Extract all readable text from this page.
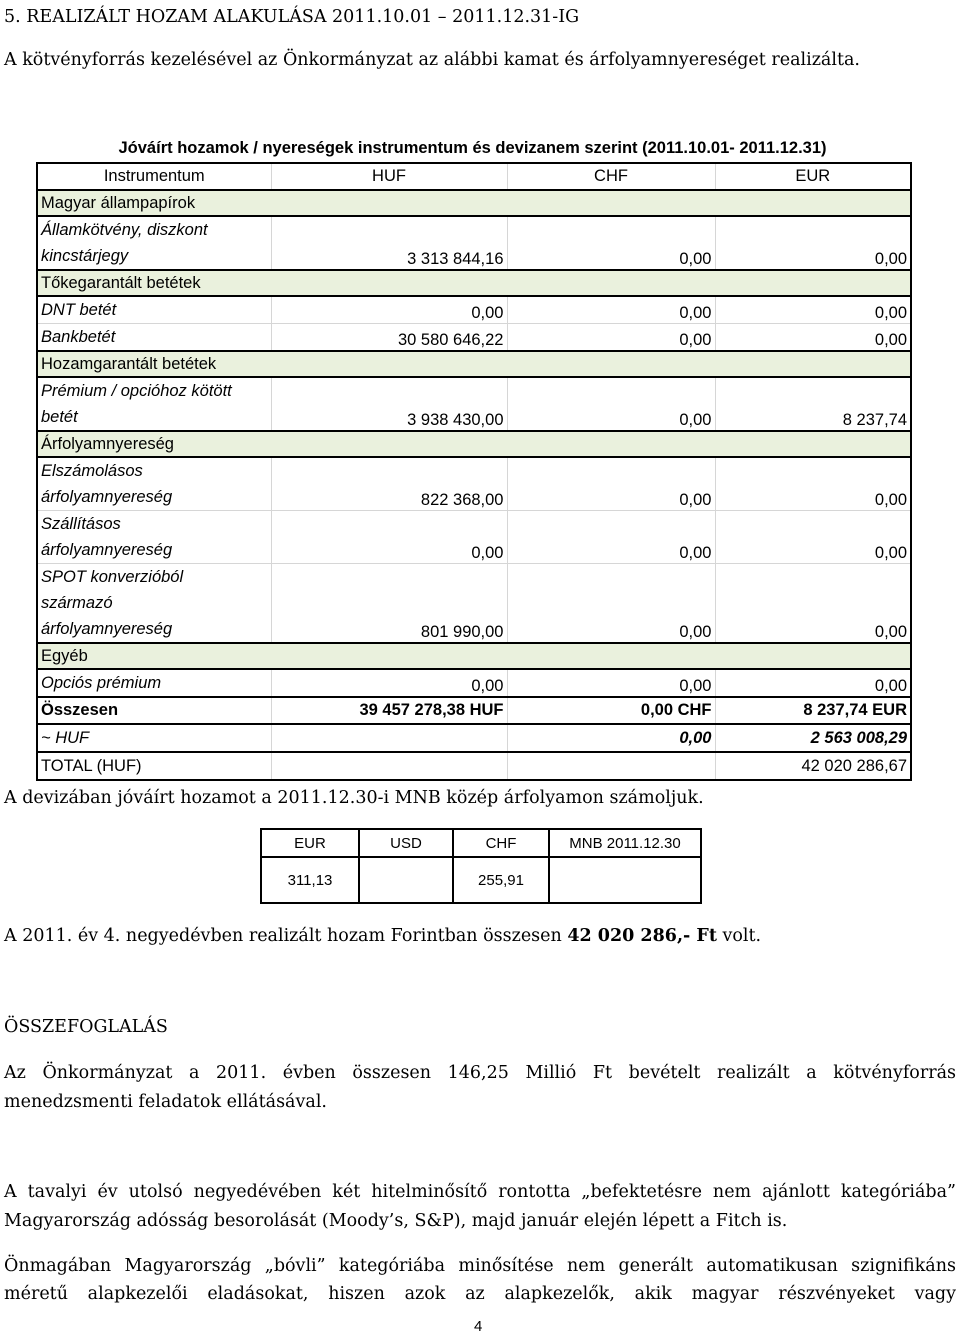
5. REALIZÁLT HOZAM ALAKULÁSA 2011.10.01 – 2011.12.31-IG
A kötvényforrás kezelésével az Önkormányzat az alábbi kamat és árfolyamnyereséget realizálta.
Jóváírt hozamok / nyereségek instrumentum és devizanem szerint (2011.10.01- 2011.12.31)			
Instrumentum	HUF	CHF	EUR
Magyar állampapírok			
Államkötvény, diszkont
kincstárjegy	3 313 844,16	0,00	0,00
Tőkegarantált betétek			
DNT betét	0,00	0,00	0,00
Bankbetét	30 580 646,22	0,00	0,00
Hozamgarantált betétek			
Prémium / opcióhoz kötött
betét	3 938 430,00	0,00	8 237,74
Árfolyamnyereség			
Elszámolásos
árfolyamnyereség	822 368,00	0,00	0,00
Szállításos
árfolyamnyereség	0,00	0,00	0,00
SPOT konverzióból
származó
árfolyamnyereség	801 990,00	0,00	0,00
Egyéb			
Opciós prémium	0,00	0,00	0,00
Összesen	39 457 278,38 HUF	0,00 CHF	8 237,74 EUR
~ HUF		0,00	2 563 008,29
TOTAL (HUF)			42 020 286,67
A devizában jóváírt hozamot a 2011.12.30-i MNB közép árfolyamon számoljuk.
EUR	USD	CHF	MNB 2011.12.30
311,13		255,91	
A 2011. év 4. negyedévben realizált hozam Forintban összesen 42 020 286,- Ft volt.
ÖSSZEFOGLALÁS
Az Önkormányzat a 2011. évben összesen 146,25 Millió Ft bevételt realizált a kötvényforrás
menedzsmenti feladatok ellátásával.
A tavalyi év utolsó negyedévében két hitelminősítő rontotta „befektetésre nem ajánlott kategóriába”
Magyarország adósság besorolását (Moody’s, S&P), majd január elején lépett a Fitch is.
Önmagában Magyarország „bóvli” kategóriába minősítése nem generált automatikusan szignifikáns
méretű alapkezelői eladásokat, hiszen azok az alapkezelők, akik magyar részvényeket vagy
4
